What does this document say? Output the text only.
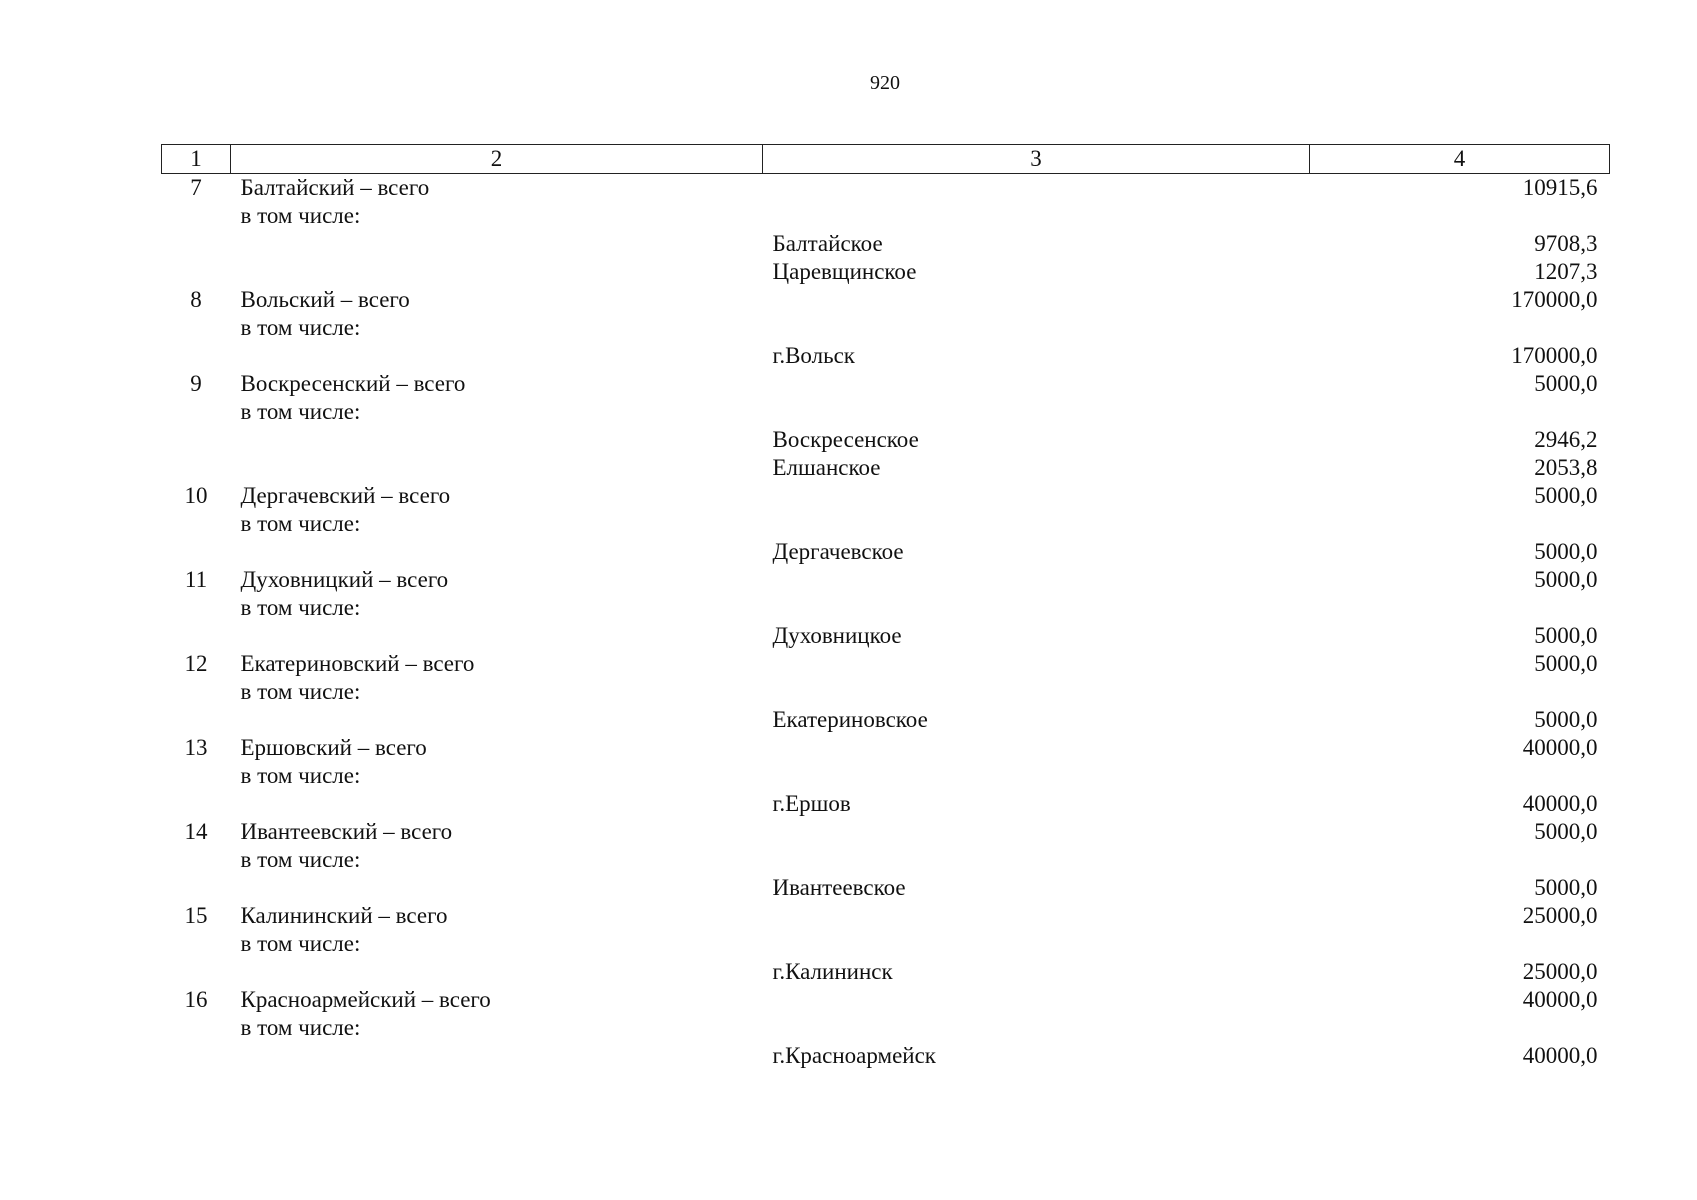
920
1	2	3	4
7	Балтайский – всего		10915,6
	в том числе:		
		Балтайское	9708,3
		Царевщинское	1207,3
8	Вольский – всего		170000,0
	в том числе:		
		г.Вольск	170000,0
9	Воскресенский – всего		5000,0
	в том числе:		
		Воскресенское	2946,2
		Елшанское	2053,8
10	Дергачевский – всего		5000,0
	в том числе:		
		Дергачевское	5000,0
11	Духовницкий – всего		5000,0
	в том числе:		
		Духовницкое	5000,0
12	Екатериновский – всего		5000,0
	в том числе:		
		Екатериновское	5000,0
13	Ершовский – всего		40000,0
	в том числе:		
		г.Ершов	40000,0
14	Ивантеевский – всего		5000,0
	в том числе:		
		Ивантеевское	5000,0
15	Калининский – всего		25000,0
	в том числе:		
		г.Калининск	25000,0
16	Красноармейский – всего		40000,0
	в том числе:		
		г.Красноармейск	40000,0
